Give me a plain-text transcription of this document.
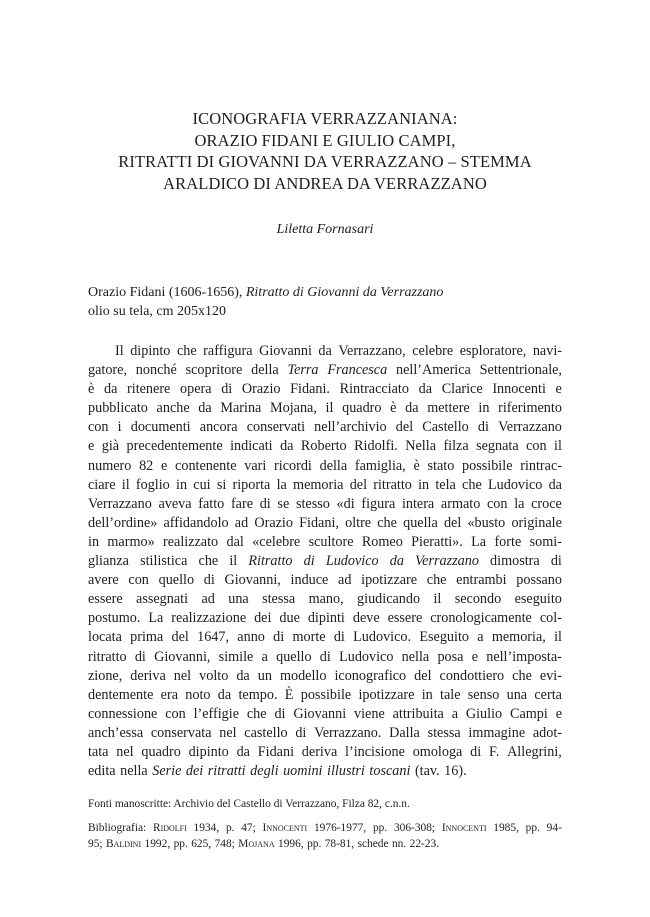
ICONOGRAFIA VERRAZZANIANA:
ORAZIO FIDANI E GIULIO CAMPI,
RITRATTI DI GIOVANNI DA VERRAZZANO – STEMMA
ARALDICO DI ANDREA DA VERRAZZANO
Liletta Fornasari
Orazio Fidani (1606-1656), Ritratto di Giovanni da Verrazzano
olio su tela, cm 205x120
Il dipinto che raffigura Giovanni da Verrazzano, celebre esploratore, navi-
gatore, nonché scopritore della Terra Francesca nell’America Settentrionale,
è da ritenere opera di Orazio Fidani. Rintracciato da Clarice Innocenti e
pubblicato anche da Marina Mojana, il quadro è da mettere in riferimento
con i documenti ancora conservati nell’archivio del Castello di Verrazzano
e già precedentemente indicati da Roberto Ridolfi. Nella filza segnata con il
numero 82 e contenente vari ricordi della famiglia, è stato possibile rintrac-
ciare il foglio in cui si riporta la memoria del ritratto in tela che Ludovico da
Verrazzano aveva fatto fare di se stesso «di figura intera armato con la croce
dell’ordine» affidandolo ad Orazio Fidani, oltre che quella del «busto originale
in marmo» realizzato dal «celebre scultore Romeo Pieratti». La forte somi-
glianza stilistica che il Ritratto di Ludovico da Verrazzano dimostra di
avere con quello di Giovanni, induce ad ipotizzare che entrambi possano
essere assegnati ad una stessa mano, giudicando il secondo eseguito
postumo. La realizzazione dei due dipinti deve essere cronologicamente col-
locata prima del 1647, anno di morte di Ludovico. Eseguito a memoria, il
ritratto di Giovanni, simile a quello di Ludovico nella posa e nell’imposta-
zione, deriva nel volto da un modello iconografico del condottiero che evi-
dentemente era noto da tempo. È possibile ipotizzare in tale senso una certa
connessione con l’effigie che di Giovanni viene attribuita a Giulio Campi e
anch’essa conservata nel castello di Verrazzano. Dalla stessa immagine adot-
tata nel quadro dipinto da Fidani deriva l’incisione omologa di F. Allegrini,
edita nella Serie dei ritratti degli uomini illustri toscani (tav. 16).
Fonti manoscritte: Archivio del Castello di Verrazzano, Filza 82, c.n.n.
Bibliografia: Ridolfi 1934, p. 47; Innocenti 1976-1977, pp. 306-308; Innocenti 1985, pp. 94-
95; Baldini 1992, pp. 625, 748; Mojana 1996, pp. 78-81, schede nn. 22-23.
